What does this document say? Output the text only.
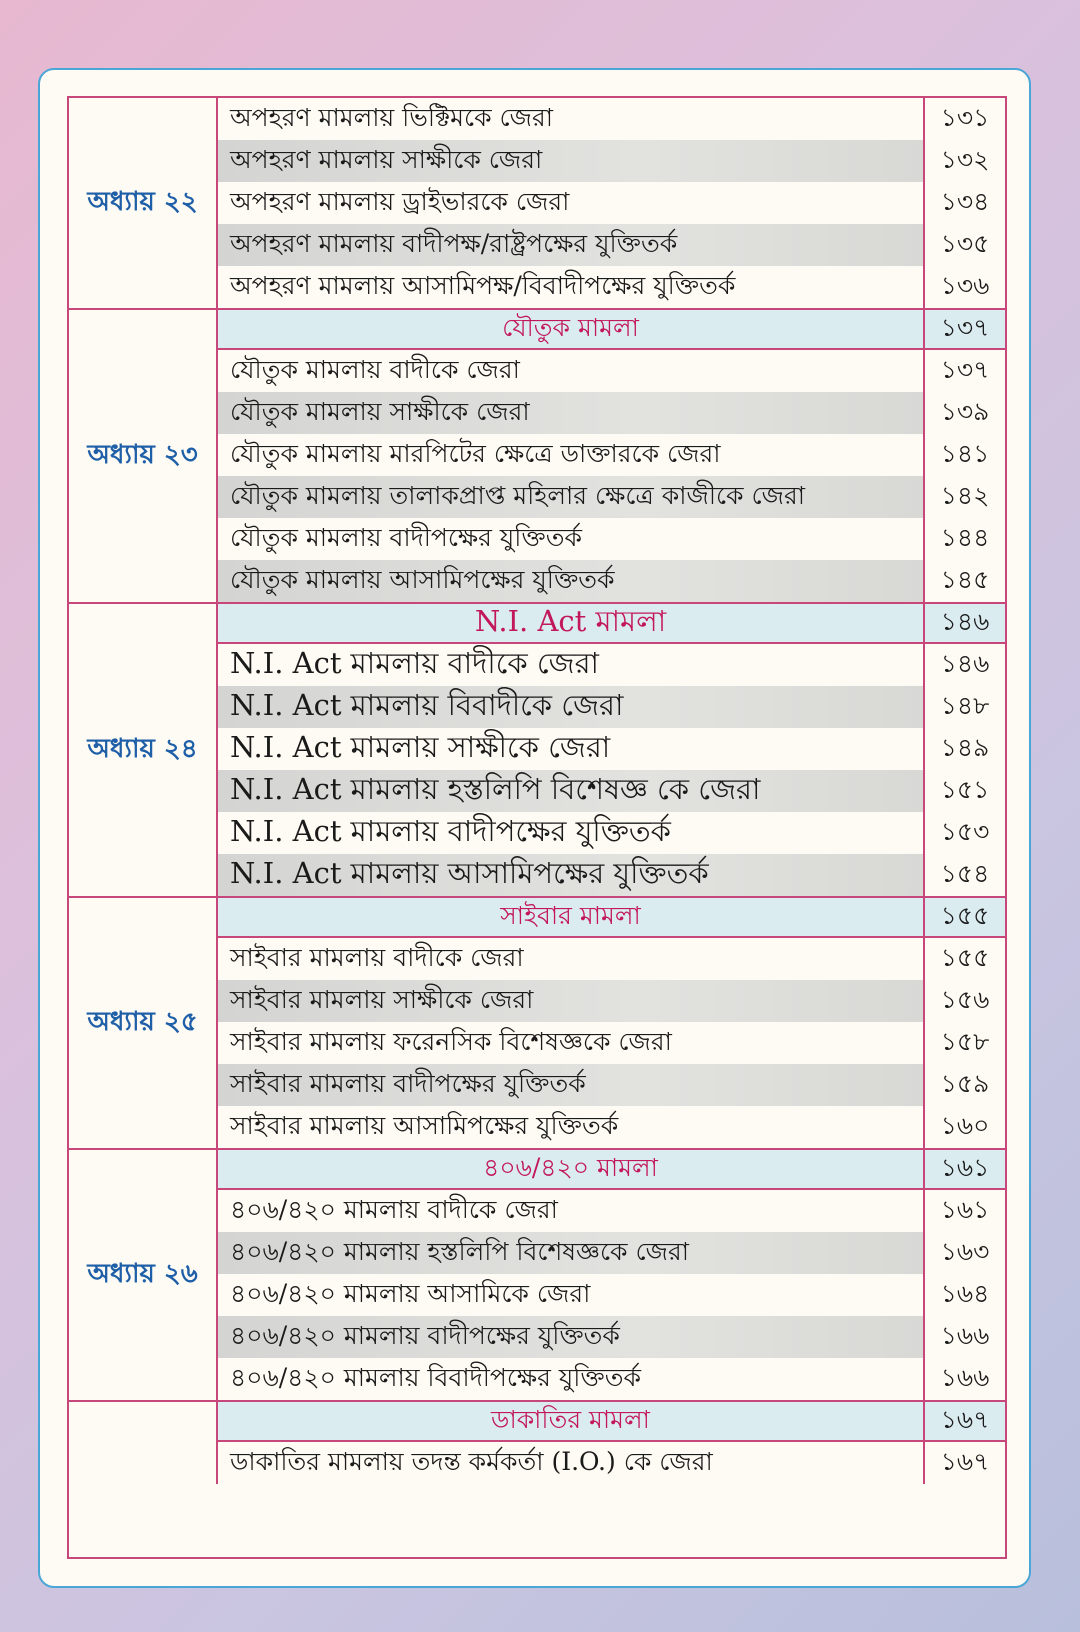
অধ্যায় ২২
অপহরণ মামলায় ভিক্টিমকে জেরা	১৩১
অপহরণ মামলায় সাক্ষীকে জেরা	১৩২
অপহরণ মামলায় ড্রাইভারকে জেরা	১৩৪
অপহরণ মামলায় বাদীপক্ষ/রাষ্ট্রপক্ষের যুক্তিতর্ক	১৩৫
অপহরণ মামলায় আসামিপক্ষ/বিবাদীপক্ষের যুক্তিতর্ক	১৩৬
অধ্যায় ২৩
যৌতুক মামলা	১৩৭
যৌতুক মামলায় বাদীকে জেরা	১৩৭
যৌতুক মামলায় সাক্ষীকে জেরা	১৩৯
যৌতুক মামলায় মারপিটের ক্ষেত্রে ডাক্তারকে জেরা	১৪১
যৌতুক মামলায় তালাকপ্রাপ্ত মহিলার ক্ষেত্রে কাজীকে জেরা	১৪২
যৌতুক মামলায় বাদীপক্ষের যুক্তিতর্ক	১৪৪
যৌতুক মামলায় আসামিপক্ষের যুক্তিতর্ক	১৪৫
অধ্যায় ২৪
N.I. Act মামলা	১৪৬
N.I. Act মামলায় বাদীকে জেরা	১৪৬
N.I. Act মামলায় বিবাদীকে জেরা	১৪৮
N.I. Act মামলায় সাক্ষীকে জেরা	১৪৯
N.I. Act মামলায় হস্তলিপি বিশেষজ্ঞ কে জেরা	১৫১
N.I. Act মামলায় বাদীপক্ষের যুক্তিতর্ক	১৫৩
N.I. Act মামলায় আসামিপক্ষের যুক্তিতর্ক	১৫৪
অধ্যায় ২৫
সাইবার মামলা	১৫৫
সাইবার মামলায় বাদীকে জেরা	১৫৫
সাইবার মামলায় সাক্ষীকে জেরা	১৫৬
সাইবার মামলায় ফরেনসিক বিশেষজ্ঞকে জেরা	১৫৮
সাইবার মামলায় বাদীপক্ষের যুক্তিতর্ক	১৫৯
সাইবার মামলায় আসামিপক্ষের যুক্তিতর্ক	১৬০
অধ্যায় ২৬
৪০৬/৪২০ মামলা	১৬১
৪০৬/৪২০ মামলায় বাদীকে জেরা	১৬১
৪০৬/৪২০ মামলায় হস্তলিপি বিশেষজ্ঞকে জেরা	১৬৩
৪০৬/৪২০ মামলায় আসামিকে জেরা	১৬৪
৪০৬/৪২০ মামলায় বাদীপক্ষের যুক্তিতর্ক	১৬৬
৪০৬/৪২০ মামলায় বিবাদীপক্ষের যুক্তিতর্ক	১৬৬
ডাকাতির মামলা	১৬৭
ডাকাতির মামলায় তদন্ত কর্মকর্তা (I.O.) কে জেরা	১৬৭
